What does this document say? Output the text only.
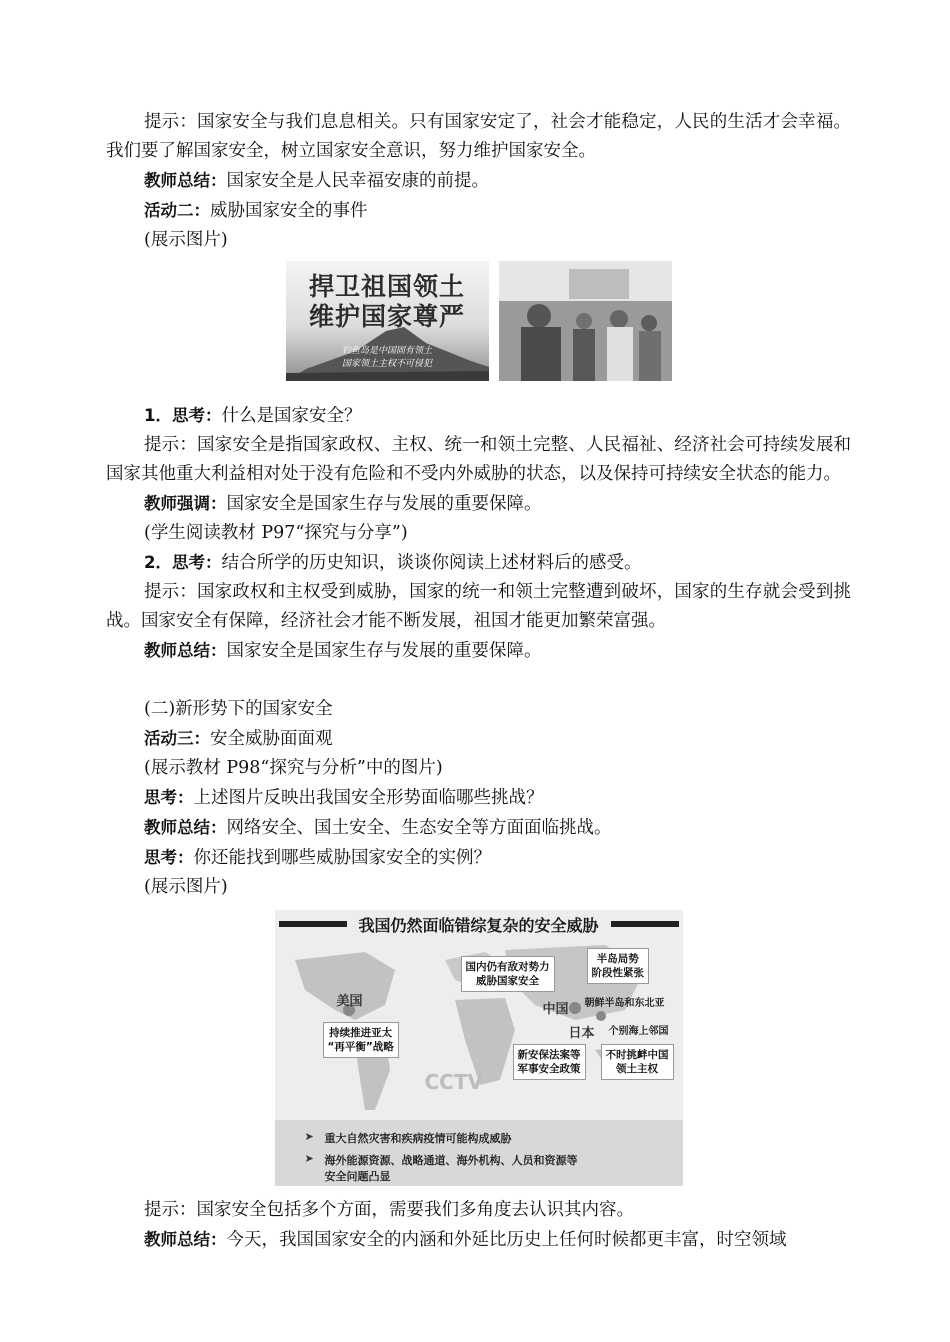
提示：国家安全与我们息息相关。只有国家安定了，社会才能稳定，人民的生活才会幸福。我们要了解国家安全，树立国家安全意识，努力维护国家安全。

教师总结：国家安全是人民幸福安康的前提。

活动二：威胁国家安全的事件

(展示图片)

捍卫祖国领土
维护国家尊严
钓鱼岛是中国固有领土
国家领土主权不可侵犯

1．思考：什么是国家安全？

提示：国家安全是指国家政权、主权、统一和领土完整、人民福祉、经济社会可持续发展和国家其他重大利益相对处于没有危险和不受内外威胁的状态，以及保持可持续安全状态的能力。

教师强调：国家安全是国家生存与发展的重要保障。

(学生阅读教材 P97“探究与分享”)

2．思考：结合所学的历史知识，谈谈你阅读上述材料后的感受。

提示：国家政权和主权受到威胁，国家的统一和领土完整遭到破坏，国家的生存就会受到挑战。国家安全有保障，经济社会才能不断发展，祖国才能更加繁荣富强。

教师总结：国家安全是国家生存与发展的重要保障。

(二)新形势下的国家安全

活动三：安全威胁面面观

(展示教材 P98“探究与分析”中的图片)

思考：上述图片反映出我国安全形势面临哪些挑战？

教师总结：网络安全、国土安全、生态安全等方面面临挑战。

思考：你还能找到哪些威胁国家安全的实例？

(展示图片)

我国仍然面临错综复杂的安全威胁
美国
中国
日本
持续推进亚太
“再平衡”战略
国内仍有敌对势力
威胁国家安全
半岛局势
阶段性紧张
朝鲜半岛和东北亚
个别海上邻国
新安保法案等
军事安全政策
不时挑衅中国
领土主权
CCTV
重大自然灾害和疾病疫情可能构成威胁
海外能源资源、战略通道、海外机构、人员和资源等
安全问题凸显
➤
➤

提示：国家安全包括多个方面，需要我们多角度去认识其内容。

教师总结：今天，我国国家安全的内涵和外延比历史上任何时候都更丰富，时空领域
